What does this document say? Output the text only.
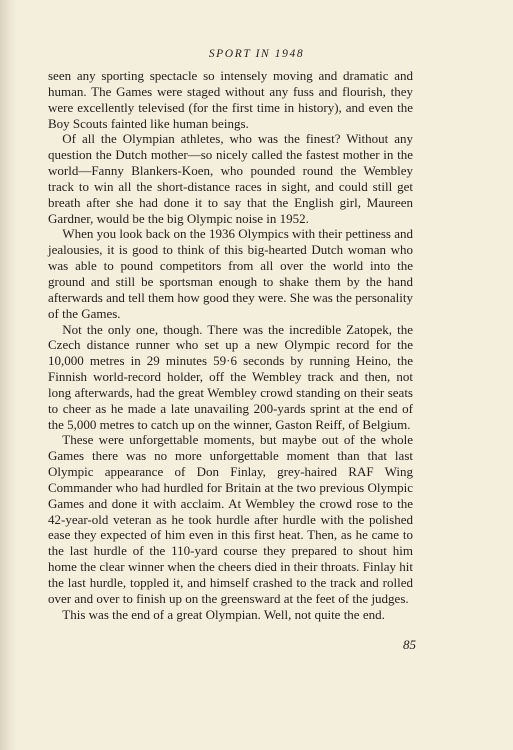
SPORT IN 1948

seen any sporting spectacle so intensely moving and dramatic and human. The Games were staged without any fuss and flourish, they were excellently televised (for the first time in history), and even the Boy Scouts fainted like human beings.

Of all the Olympian athletes, who was the finest? Without any question the Dutch mother—so nicely called the fastest mother in the world—Fanny Blankers-Koen, who pounded round the Wembley track to win all the short-distance races in sight, and could still get breath after she had done it to say that the English girl, Maureen Gardner, would be the big Olympic noise in 1952.

When you look back on the 1936 Olympics with their pettiness and jealousies, it is good to think of this big-hearted Dutch woman who was able to pound competitors from all over the world into the ground and still be sportsman enough to shake them by the hand afterwards and tell them how good they were. She was the personality of the Games.

Not the only one, though. There was the incredible Zatopek, the Czech distance runner who set up a new Olympic record for the 10,000 metres in 29 minutes 59·6 seconds by running Heino, the Finnish world-record holder, off the Wembley track and then, not long afterwards, had the great Wembley crowd standing on their seats to cheer as he made a late unavailing 200-yards sprint at the end of the 5,000 metres to catch up on the winner, Gaston Reiff, of Belgium.

These were unforgettable moments, but maybe out of the whole Games there was no more unforgettable moment than that last Olympic appearance of Don Finlay, grey-haired RAF Wing Commander who had hurdled for Britain at the two previous Olympic Games and done it with acclaim. At Wembley the crowd rose to the 42-year-old veteran as he took hurdle after hurdle with the polished ease they expected of him even in this first heat. Then, as he came to the last hurdle of the 110-yard course they prepared to shout him home the clear winner when the cheers died in their throats. Finlay hit the last hurdle, toppled it, and himself crashed to the track and rolled over and over to finish up on the greensward at the feet of the judges.

This was the end of a great Olympian. Well, not quite the end.

85
